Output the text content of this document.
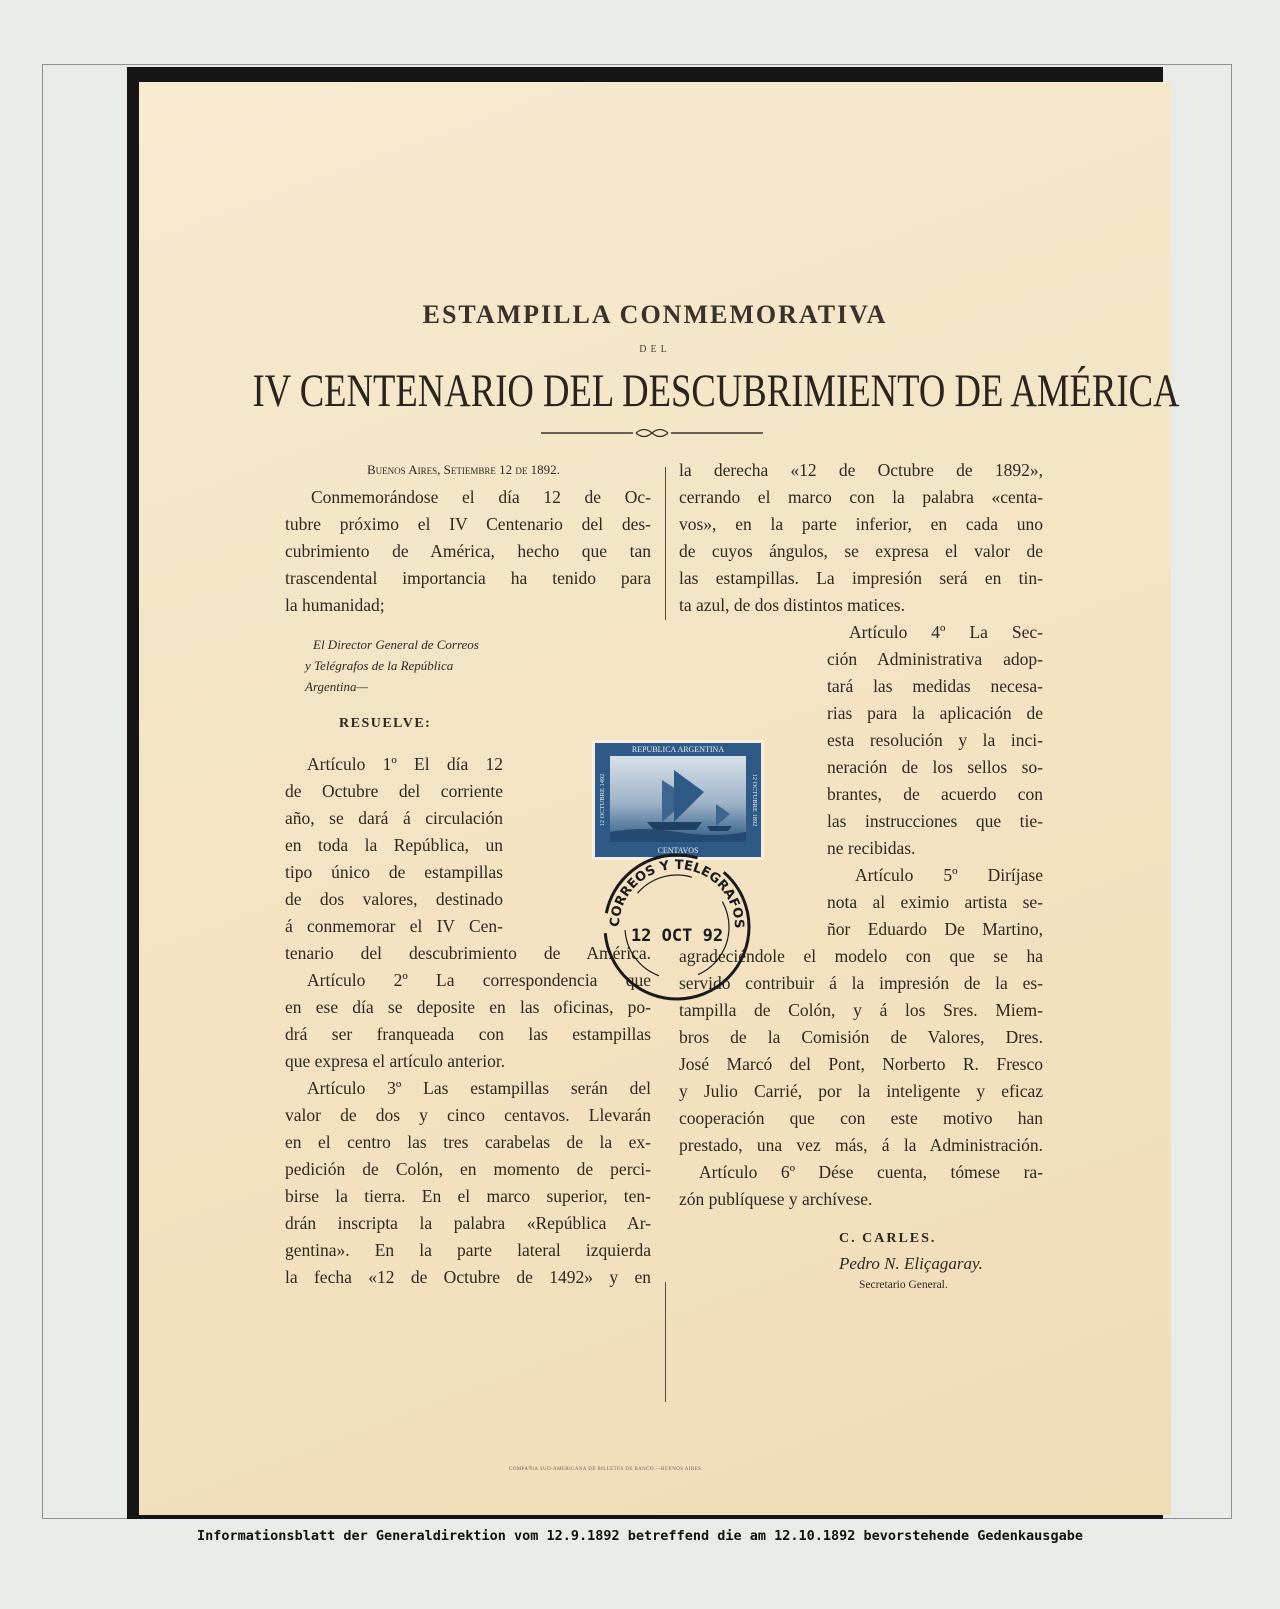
ESTAMPILLA CONMEMORATIVA
DEL
IV CENTENARIO DEL DESCUBRIMIENTO DE AMÉRICA
Buenos Aires, Setiembre 12 de 1892.
Conmemorándose el día 12 de Oc-
tubre próximo el IV Centenario del des-
cubrimiento de América, hecho que tan
trascendental importancia ha tenido para
la humanidad;
El Director General de Correos
y Telégrafos de la República
Argentina—
RESUELVE:
Artículo 1º El día 12
de Octubre del corriente
año, se dará á circulación
en toda la República, un
tipo único de estampillas
de dos valores, destinado
á conmemorar el IV Cen-
tenario del descubrimiento de América.
Artículo 2º La correspondencia que
en ese día se deposite en las oficinas, po-
drá ser franqueada con las estampillas
que expresa el artículo anterior.
Artículo 3º Las estampillas serán del
valor de dos y cinco centavos. Llevarán
en el centro las tres carabelas de la ex-
pedición de Colón, en momento de perci-
birse la tierra. En el marco superior, ten-
drán inscripta la palabra «República Ar-
gentina». En la parte lateral izquierda
la fecha «12 de Octubre de 1492» y en
la derecha «12 de Octubre de 1892»,
cerrando el marco con la palabra «centa-
vos», en la parte inferior, en cada uno
de cuyos ángulos, se expresa el valor de
las estampillas. La impresión será en tin-
ta azul, de dos distintos matices.
Artículo 4º La Sec-
ción Administrativa adop-
tará las medidas necesa-
rias para la aplicación de
esta resolución y la inci-
neración de los sellos so-
brantes, de acuerdo con
las instrucciones que tie-
ne recibidas.
Artículo 5º Diríjase
nota al eximio artista se-
ñor Eduardo De Martino,
agradeciéndole el modelo con que se ha
servido contribuir á la impresión de la es-
tampilla de Colón, y á los Sres. Miem-
bros de la Comisión de Valores, Dres.
José Marcó del Pont, Norberto R. Fresco
y Julio Carrié, por la inteligente y eficaz
cooperación que con este motivo han
prestado, una vez más, á la Administración.
Artículo 6º Dése cuenta, tómese ra-
zón publíquese y archívese.
C. CARLES.
Pedro N. Eliçagaray.
Secretario General.
REPUBLICA ARGENTINA
CENTAVOS
12 OCTUBRE 1492	12 OCTUBRE 1892
CORREOS Y TELEGRAFOS
12 OCT 92
COMPAÑIA SUD-AMERICANA DE BILLETES DE BANCO.—BUENOS AIRES.
Informationsblatt der Generaldirektion vom 12.9.1892 betreffend die am 12.10.1892 bevorstehende Gedenkausgabe
